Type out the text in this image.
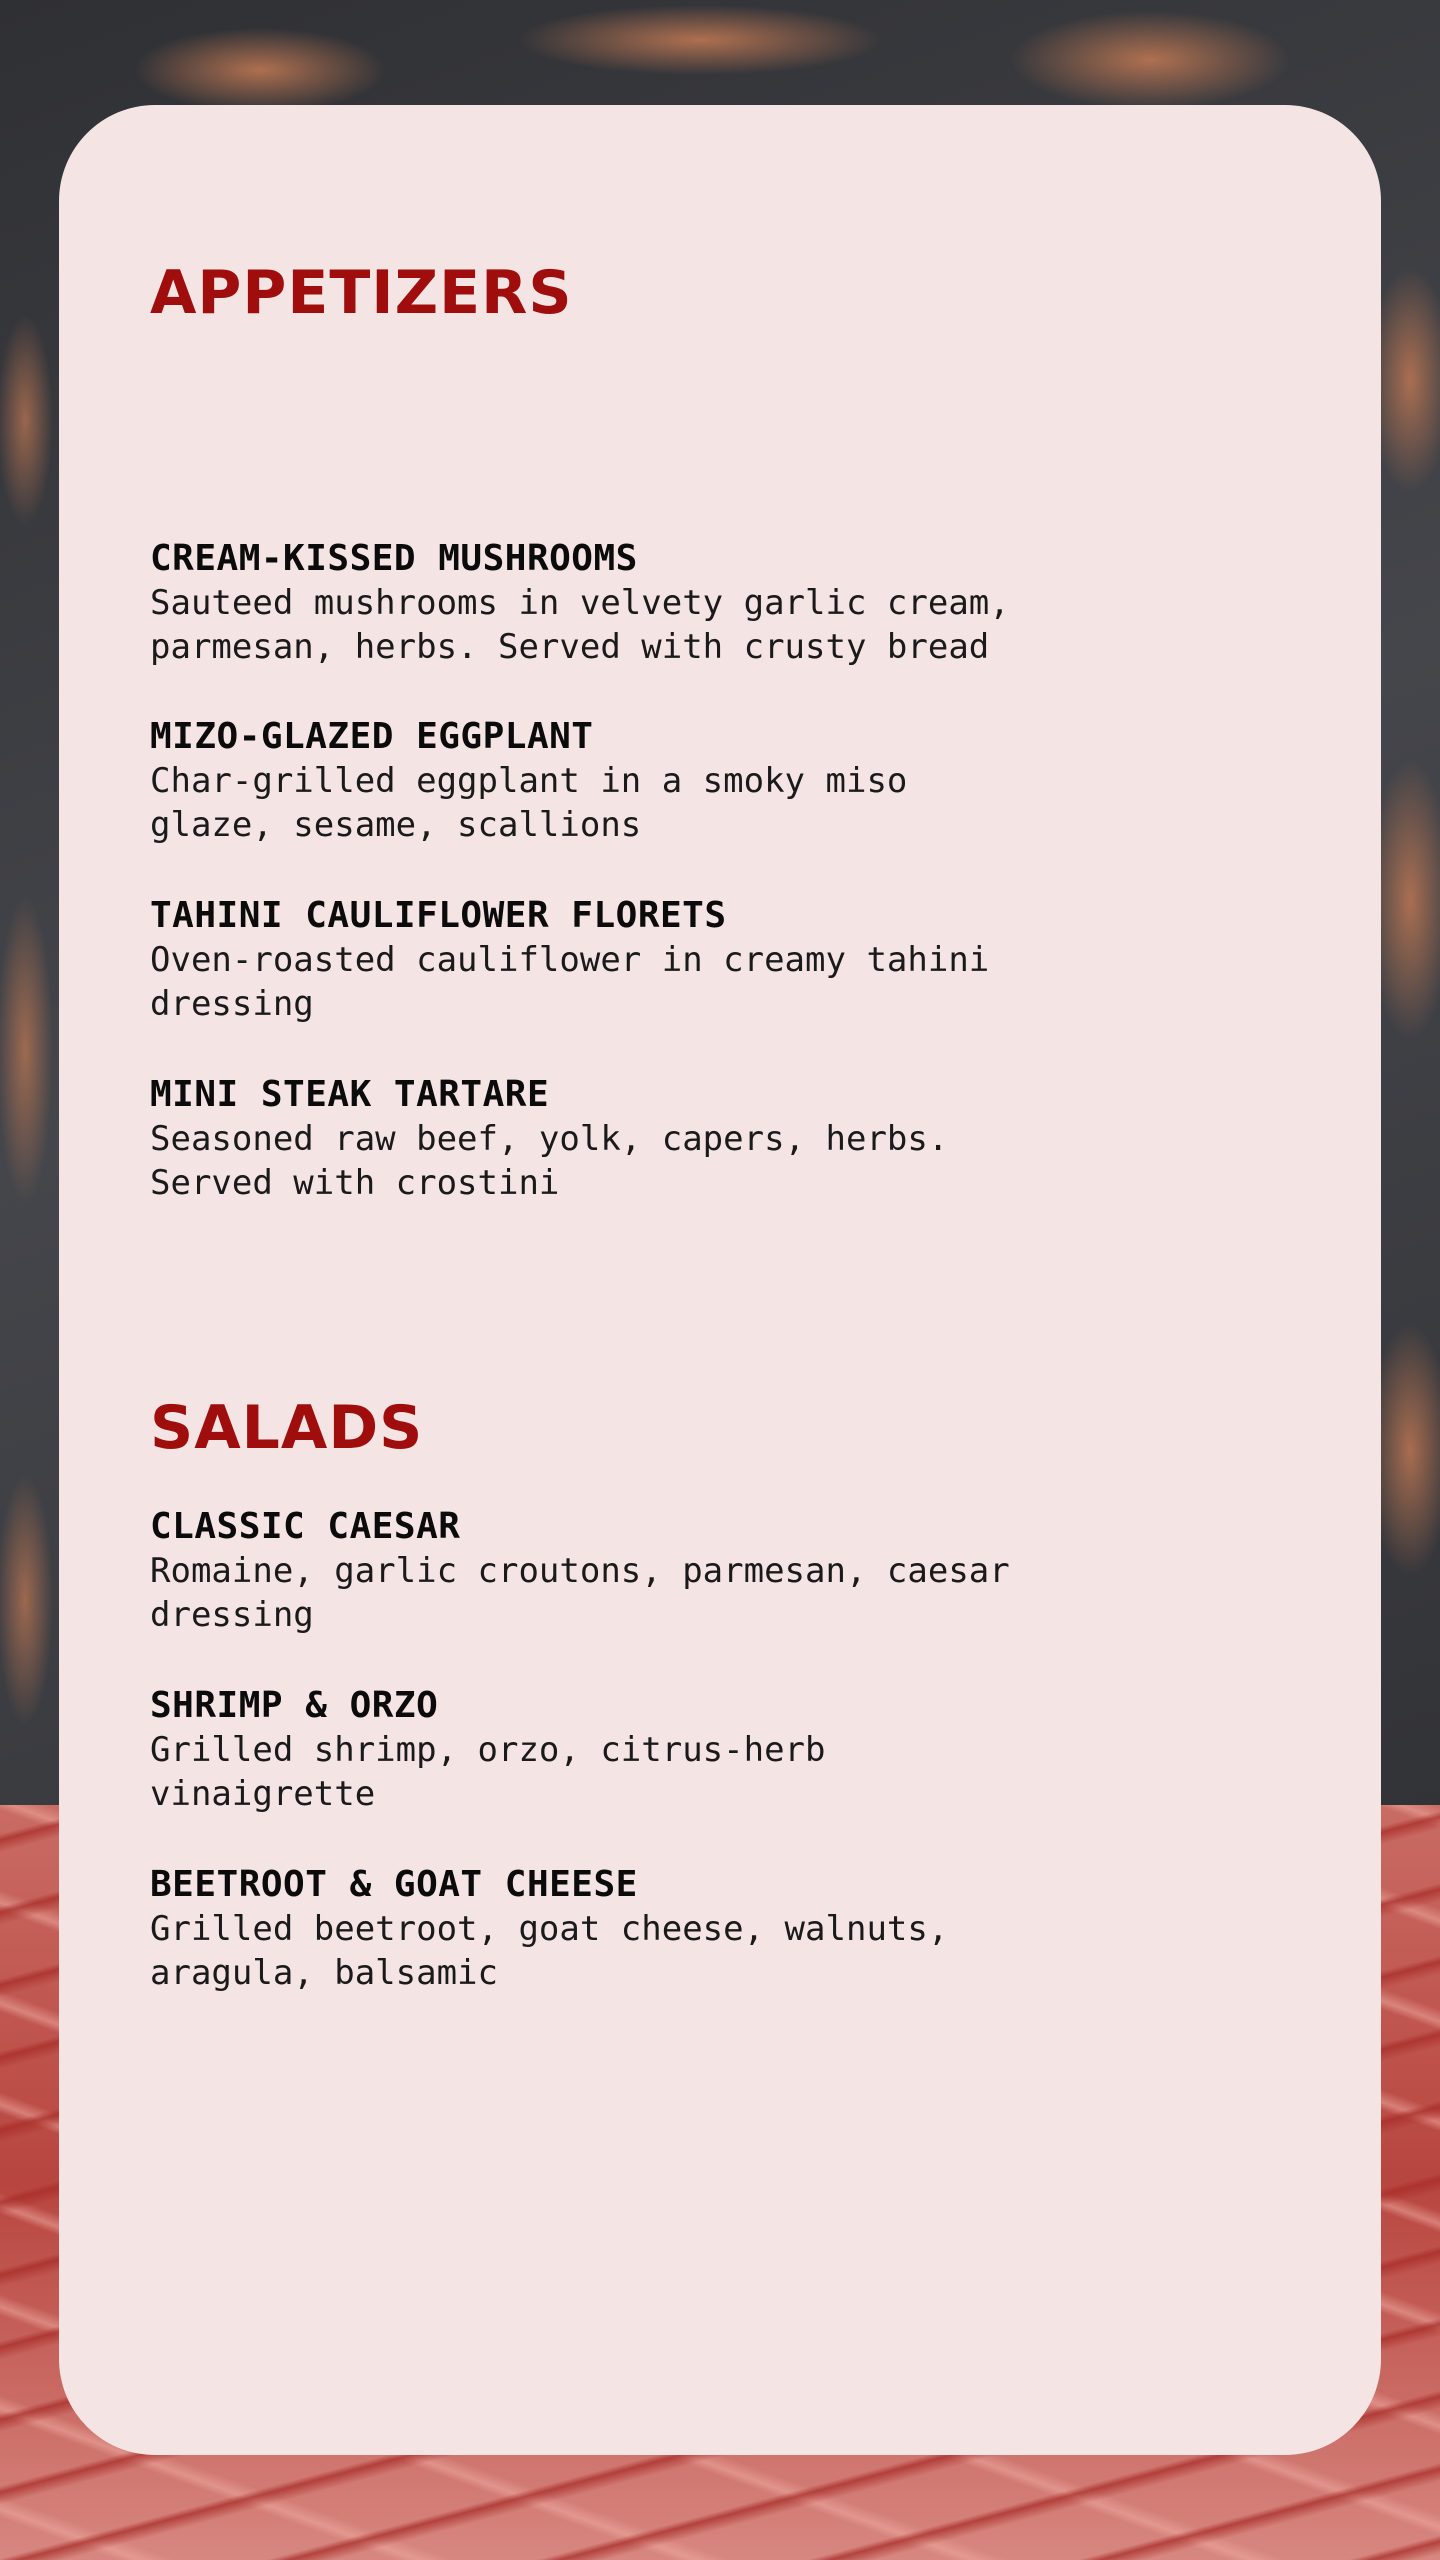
APPETIZERS
CREAM-KISSED MUSHROOMS
Sauteed mushrooms in velvety garlic cream,
parmesan, herbs. Served with crusty bread
MIZO-GLAZED EGGPLANT
Char-grilled eggplant in a smoky miso
glaze, sesame, scallions
TAHINI CAULIFLOWER FLORETS
Oven-roasted cauliflower in creamy tahini
dressing
MINI STEAK TARTARE
Seasoned raw beef, yolk, capers, herbs.
Served with crostini
SALADS
CLASSIC CAESAR
Romaine, garlic croutons, parmesan, caesar
dressing
SHRIMP & ORZO
Grilled shrimp, orzo, citrus-herb
vinaigrette
BEETROOT & GOAT CHEESE
Grilled beetroot, goat cheese, walnuts,
aragula, balsamic
